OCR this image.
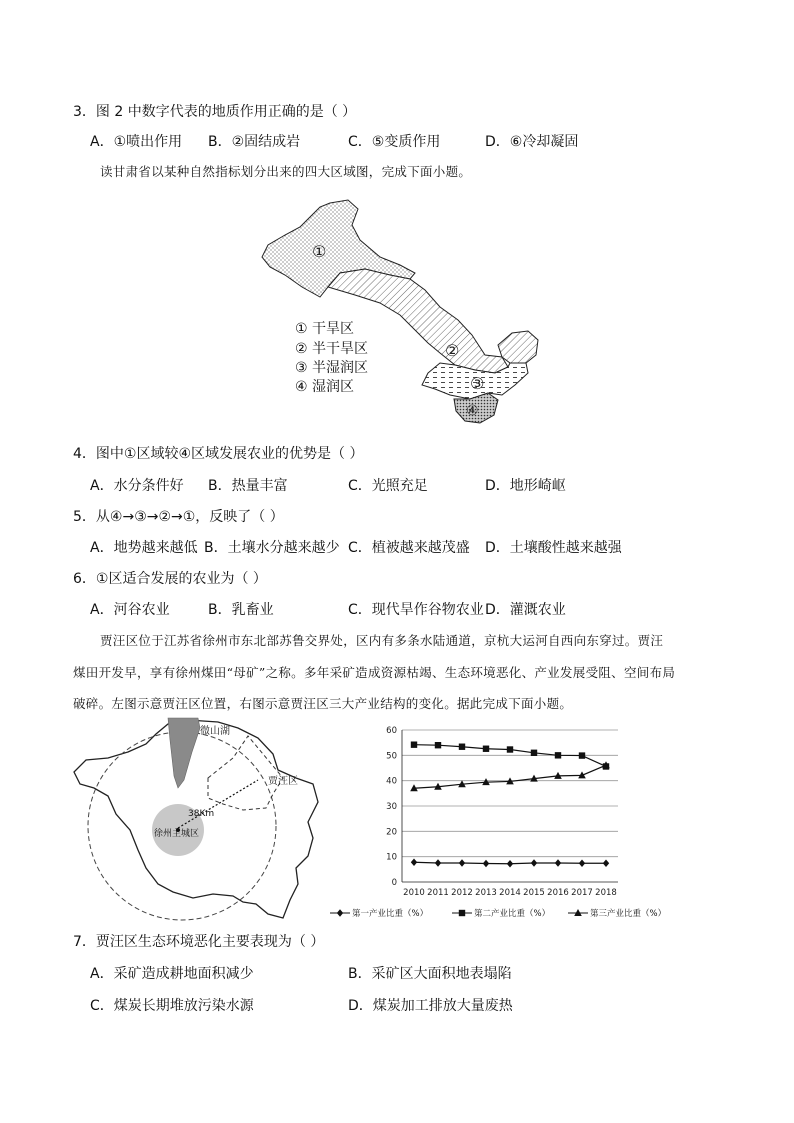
3．图 2 中数字代表的地质作用正确的是（ ）
A．①喷出作用 B．②固结成岩	C．⑤变质作用	D．⑥冷却凝固
读甘肃省以某种自然指标划分出来的四大区域图，完成下面小题。
①
②
③
④
① 干旱区
② 半干旱区
③ 半湿润区
④ 湿润区
4．图中①区域较④区域发展农业的优势是（ ）
A．水分条件好 B．热量丰富	C．光照充足	D．地形崎岖
5．从④→③→②→①，反映了（ ）
A．地势越来越低 B．土壤水分越来越少 C．植被越来越茂盛 D．土壤酸性越来越强
6．①区适合发展的农业为（ ）
A．河谷农业	B．乳畜业	C．现代旱作谷物农业 D．灌溉农业
贾汪区位于江苏省徐州市东北部苏鲁交界处，区内有多条水陆通道，京杭大运河自西向东穿过。贾汪
煤田开发早，享有徐州煤田“母矿”之称。多年采矿造成资源枯竭、生态环境恶化、产业发展受阻、空间布局
破碎。左图示意贾汪区位置，右图示意贾汪区三大产业结构的变化。据此完成下面小题。
微山湖
贾汪区
徐州主城区
38Km
0
10
20
30
40
50
60
2010 2011 2012 2013 2014 2015 2016 2017 2018
第一产业比重（%）	第二产业比重（%）	第三产业比重（%）
7．贾汪区生态环境恶化主要表现为（ ）
A．采矿造成耕地面积减少	B．采矿区大面积地表塌陷
C．煤炭长期堆放污染水源	D．煤炭加工排放大量废热
